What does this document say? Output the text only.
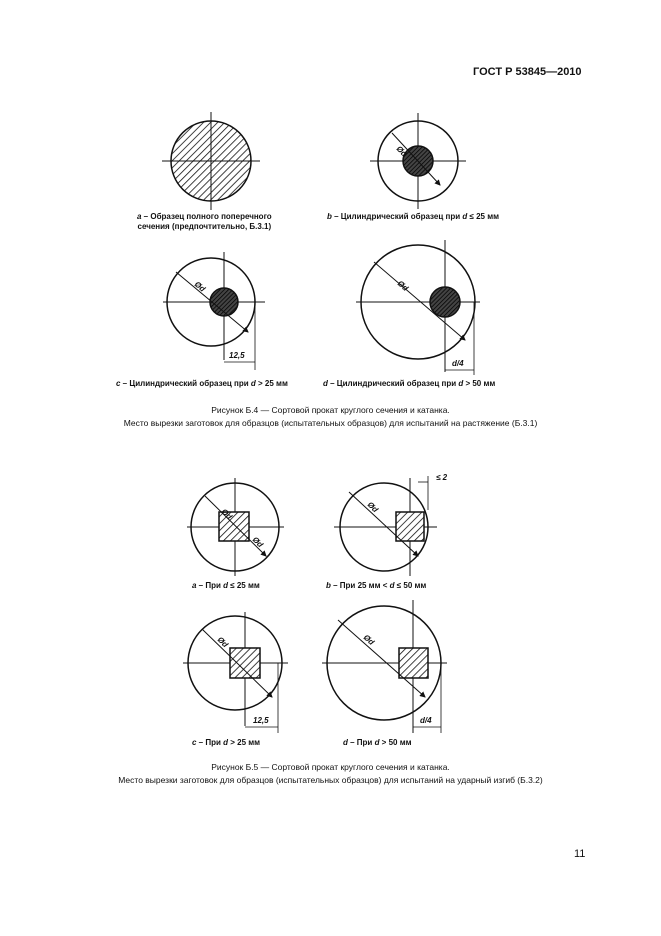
ГОСТ Р 53845—2010
Ød
Ød
12,5
Ød
d/4
Ød
Ød
Ød
≤ 2
Ød
12,5
Ød
d/4
a – Образец полного поперечного
сечения (предпочтительно, Б.3.1)
b – Цилиндрический образец при d ≤ 25 мм
c – Цилиндрический образец при d > 25 мм	d – Цилиндрический образец при d > 50 мм
Рисунок Б.4 — Сортовой прокат круглого сечения и катанка.
Место вырезки заготовок для образцов (испытательных образцов) для испытаний на растяжение (Б.3.1)
a – При d ≤ 25 мм	b – При 25 мм < d ≤ 50 мм
c – При d > 25 мм	d – При d > 50 мм
Рисунок Б.5 — Сортовой прокат круглого сечения и катанка.
Место вырезки заготовок для образцов (испытательных образцов) для испытаний на ударный изгиб (Б.3.2)
11
